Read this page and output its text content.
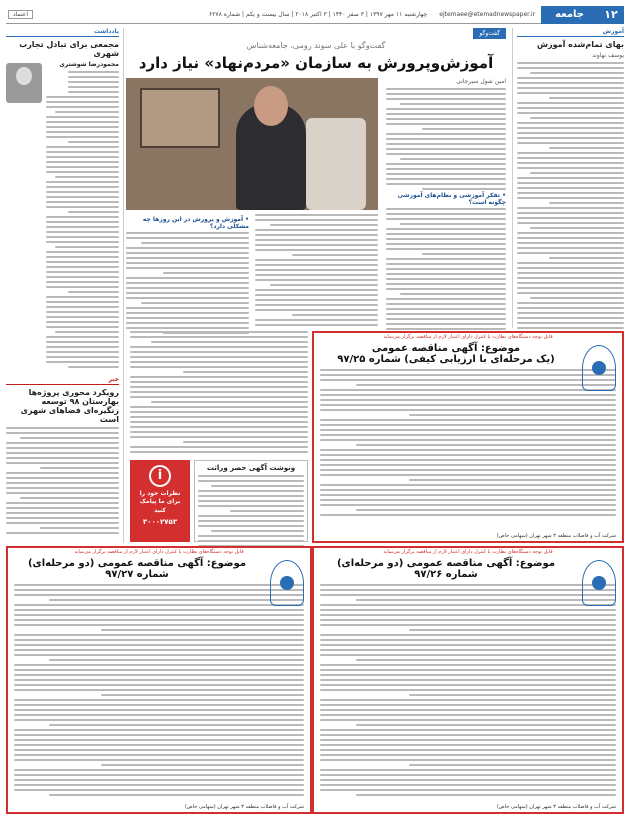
۱۲
جامعه
ejtemaee@etemadnewspaper.ir
چهارشنبه ۱۱ مهر ۱۳۹۷ | ۳ صفر ۱۴۴۰ | ۳ اکتبر ۲۰۱۸ | سال بیست و یکم | شماره ۶۲۷۸
اعتماد
آموزش
بهای تمام‌شده آموزش
یوسف نهاوند
گفت‌وگو
گفت‌وگو با علی سوند رومی، جامعه‌شناس
آموزش‌وپرورش به سازمان «مردم‌نهاد» نیاز دارد
امین شول سیرجانی
• تفکر آموزشی و نظام‌های آموزشی چگونه است؟
• آموزش و پرورش در این روزها چه مشکلی دارد؟
یادداشت
مجمعی برای تبادل تجارب شهری
محمودرضا شوشتری
خبر
رویکرد محوری پروژه‌ها بهارستان ۹۸ توسعه زنگیره‌ای فضاهای شهری است
i
نظرات خود را برای ما پیامک کنید
۳۰۰۰۲۷۵۳
ونوشت آگهی حصر وراثت
قابل توجه دستگاه‌های نظارت یا کنترل دارای اعتبار لازم از مناقصه برگزار می‌نماید
موضوع: آگهی مناقصه عمومی
(یک مرحله‌ای با ارزیابی کیفی) شماره ۹۷/۲۵
شرکت آب و فاضلاب منطقه ۳ شهر تهران (سهامی خاص)
قابل توجه دستگاه‌های نظارت یا کنترل دارای اعتبار لازم از مناقصه برگزار می‌نماید
موضوع: آگهی مناقصه عمومی (دو مرحله‌ای)
شماره ۹۷/۲۶
شرکت آب و فاضلاب منطقه ۳ شهر تهران (سهامی خاص)
قابل توجه دستگاه‌های نظارت یا کنترل دارای اعتبار لازم از مناقصه برگزار می‌نماید
موضوع: آگهی مناقصه عمومی (دو مرحله‌ای)
شماره ۹۷/۲۷
شرکت آب و فاضلاب منطقه ۳ شهر تهران (سهامی خاص)
